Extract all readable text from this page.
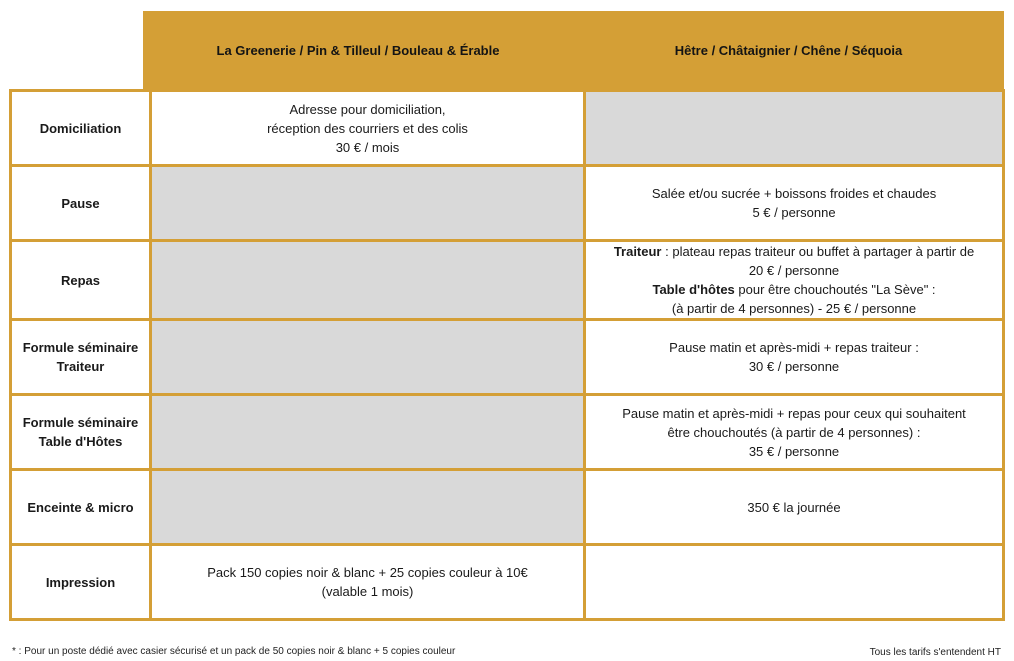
La Greenerie / Pin & Tilleul / Bouleau & Érable	Hêtre / Châtaignier / Chêne / Séquoia
Domiciliation	Adresse pour domiciliation,
réception des courriers et des colis
30 € / mois	
Pause		Salée et/ou sucrée + boissons froides et chaudes
5 € / personne
Repas		Traiteur : plateau repas traiteur ou buffet à partager à partir de
20 € / personne
Table d'hôtes pour être chouchoutés "La Sève" :
(à partir de 4 personnes) - 25 € / personne
Formule séminaire
Traiteur		Pause matin et après-midi + repas traiteur :
30 € / personne
Formule séminaire
Table d'Hôtes		Pause matin et après-midi + repas pour ceux qui souhaitent
être chouchoutés (à partir de 4 personnes) :
35 € / personne
Enceinte & micro		350 € la journée
Impression	Pack 150 copies noir & blanc + 25 copies couleur à 10€
(valable 1 mois)	
* : Pour un poste dédié avec casier sécurisé et un pack de 50 copies noir & blanc + 5 copies couleur	Tous les tarifs s'entendent HT
